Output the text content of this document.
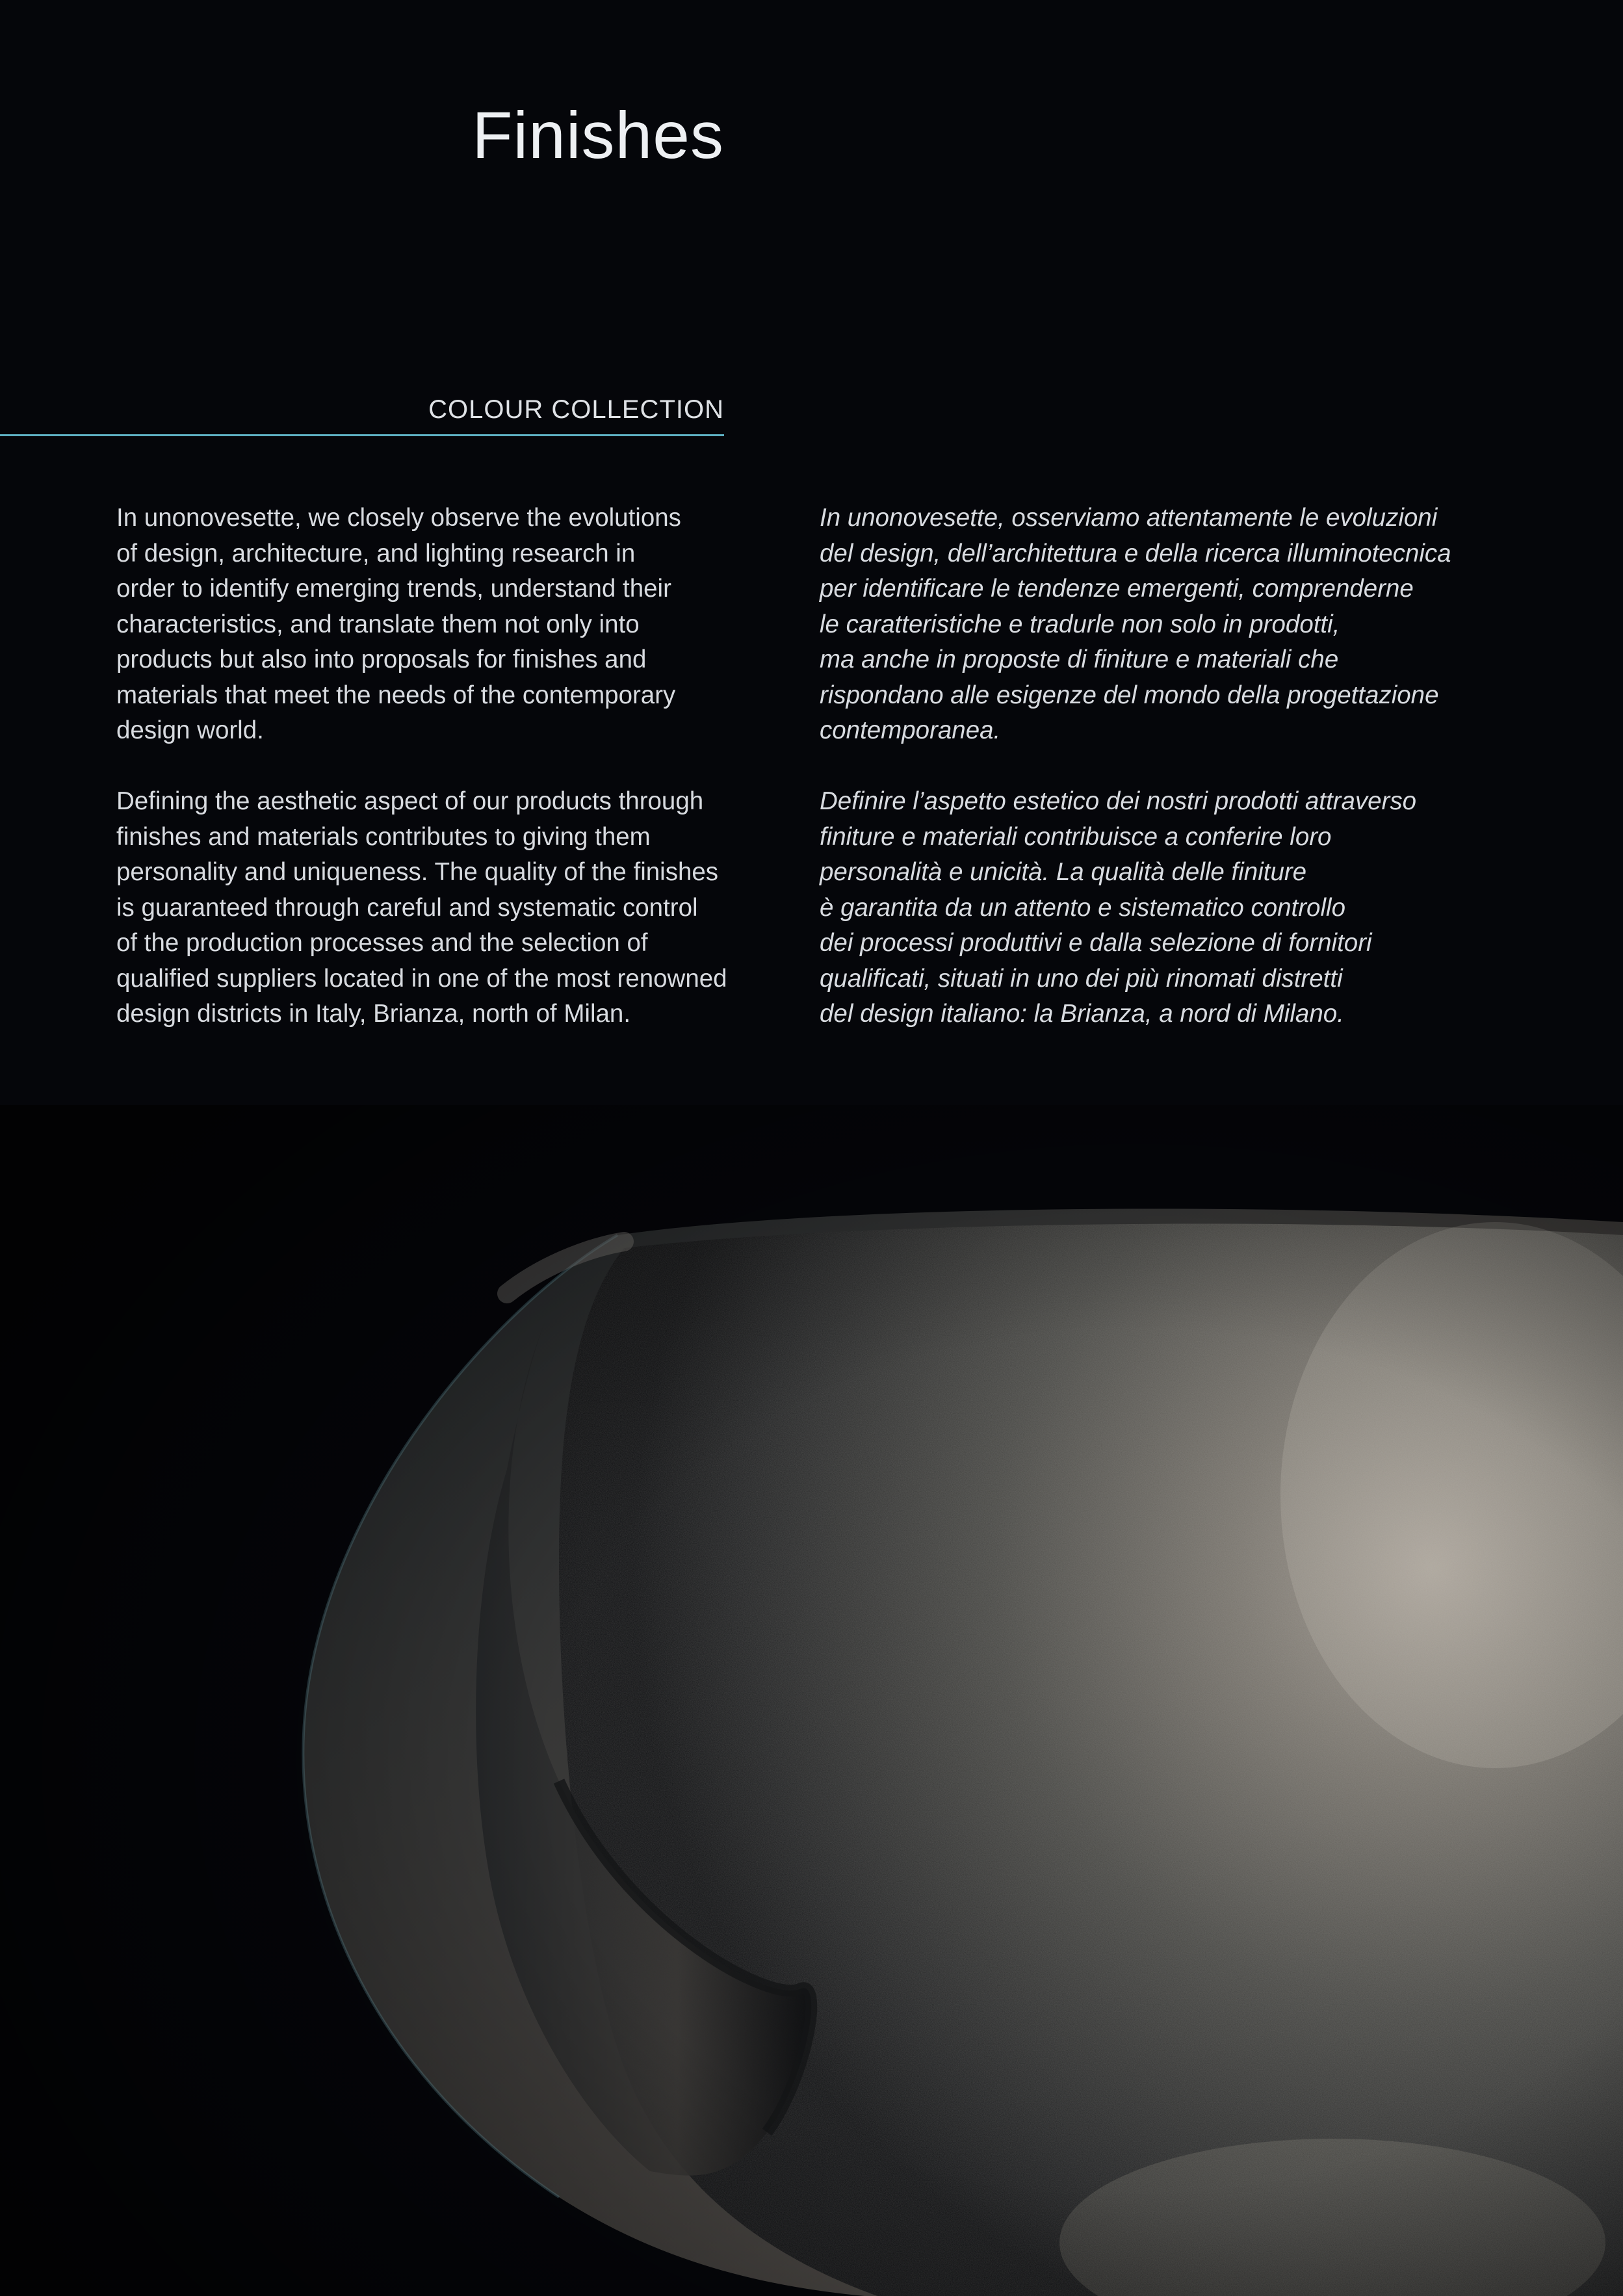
Finishes
COLOUR COLLECTION

In unonovesette, we closely observe the evolutions
of design, architecture, and lighting research in
order to identify emerging trends, understand their
characteristics, and translate them not only into
products but also into proposals for finishes and
materials that meet the needs of the contemporary
design world.

Defining the aesthetic aspect of our products through
finishes and materials contributes to giving them
personality and uniqueness. The quality of the finishes
is guaranteed through careful and systematic control
of the production processes and the selection of
qualified suppliers located in one of the most renowned
design districts in Italy, Brianza, north of Milan.

In unonovesette, osserviamo attentamente le evoluzioni
del design, dell’architettura e della ricerca illuminotecnica
per identificare le tendenze emergenti, comprenderne
le caratteristiche e tradurle non solo in prodotti,
ma anche in proposte di finiture e materiali che
rispondano alle esigenze del mondo della progettazione
contemporanea.

Definire l’aspetto estetico dei nostri prodotti attraverso
finiture e materiali contribuisce a conferire loro
personalità e unicità. La qualità delle finiture
è garantita da un attento e sistematico controllo
dei processi produttivi e dalla selezione di fornitori
qualificati, situati in uno dei più rinomati distretti
del design italiano: la Brianza, a nord di Milano.
